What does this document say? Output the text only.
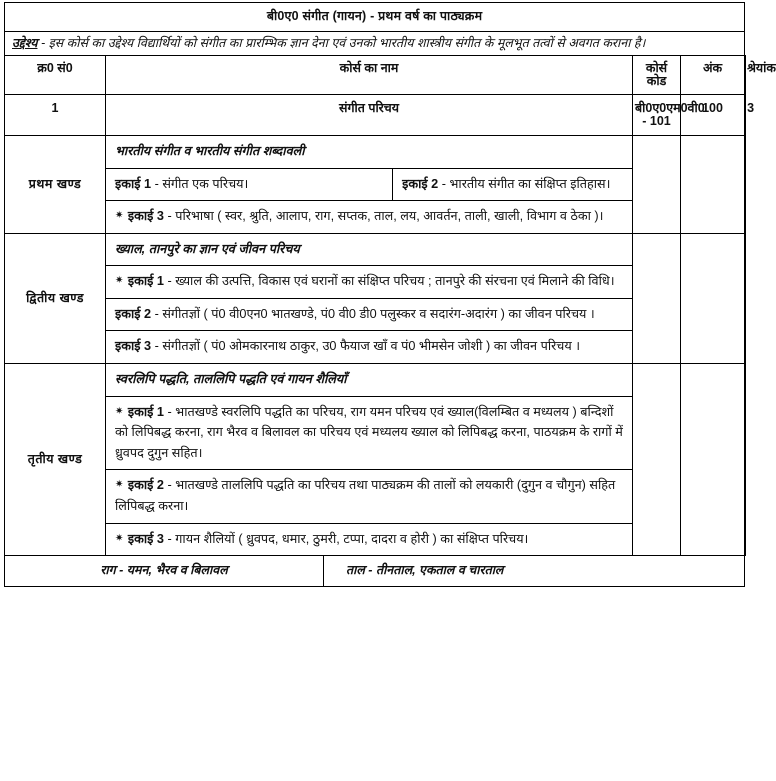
बी0ए0 संगीत (गायन) - प्रथम वर्ष का पाठ्यक्रम
उद्देश्य - इस कोर्स का उद्देश्य विद्यार्थियों को संगीत का प्रारम्भिक ज्ञान देना एवं उनको भारतीय शास्त्रीय संगीत के मूलभूत तत्वों से अवगत कराना है।
क्र0 सं0	कोर्स का नाम	कोर्स कोड	अंक	श्रेयांक
1	संगीत परिचय	बी0ए0एम0वी0 - 101	100	3
प्रथम खण्ड	
भारतीय संगीत व भारतीय संगीत शब्दावली
इकाई 1 - संगीत एक परिचय।	इकाई 2 - भारतीय संगीत का संक्षिप्त इतिहास।
✷ इकाई 3 - परिभाषा ( स्वर, श्रुति, आलाप, राग, सप्तक, ताल, लय, आवर्तन, ताली, खाली, विभाग व ठेका )।

द्वितीय खण्ड	
ख्याल, तानपुरे का ज्ञान एवं जीवन परिचय
✷ इकाई 1 - ख्याल की उत्पत्ति, विकास एवं घरानों का संक्षिप्त परिचय ; तानपुरे की संरचना एवं मिलाने की विधि।
इकाई 2 - संगीतज्ञों ( पं0 वी0एन0 भातखण्डे, पं0 वी0 डी0 पलुस्कर व सदारंग-अदारंग ) का जीवन परिचय ।
इकाई 3 - संगीतज्ञों ( पं0 ओमकारनाथ ठाकुर, उ0 फैयाज खाँ व पं0 भीमसेन जोशी ) का जीवन परिचय ।

तृतीय खण्ड	
स्वरलिपि पद्धति, ताललिपि पद्धति एवं गायन शैलियाँ
✷ इकाई 1 - भातखण्डे स्वरलिपि पद्धति का परिचय, राग यमन परिचय एवं ख्याल(विलम्बित व मध्यलय ) बन्दिशों को लिपिबद्ध करना, राग भैरव व बिलावल का परिचय एवं मध्यलय ख्याल को लिपिबद्ध करना, पाठयक्रम के रागों में ध्रुवपद दुगुन सहित।
✷ इकाई 2 - भातखण्डे ताललिपि पद्धति का परिचय तथा पाठ्यक्रम की तालों को लयकारी (दुगुन व चौगुन) सहित लिपिबद्ध करना।
✷ इकाई 3 - गायन शैलियों ( ध्रुवपद, धमार, ठुमरी, टप्पा, दादरा व होरी ) का संक्षिप्त परिचय।

राग - यमन, भैरव व बिलावल	ताल - तीनताल, एकताल व चारताल
